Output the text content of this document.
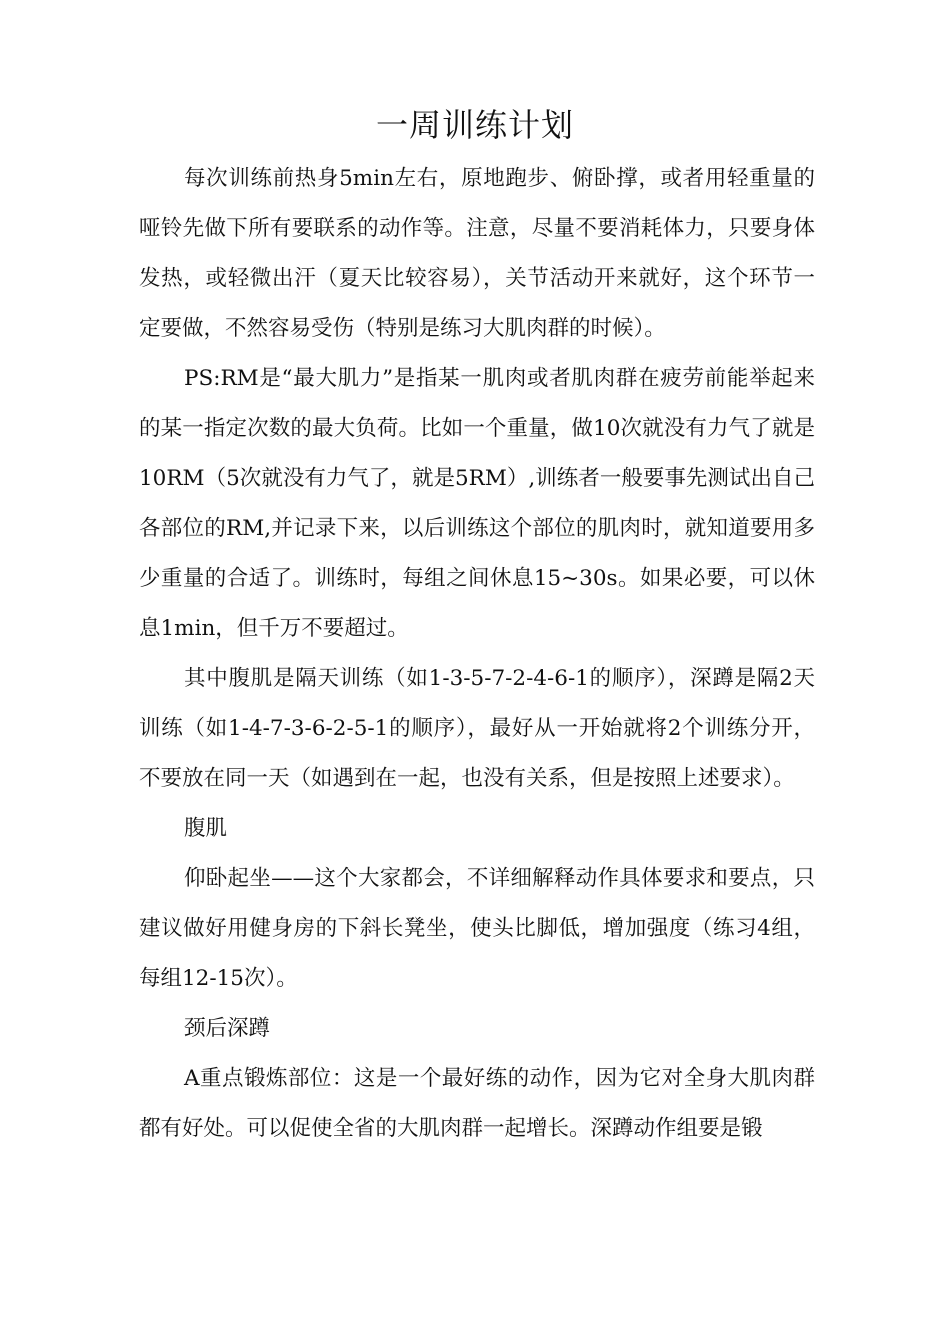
一周训练计划

每次训练前热身5min左右，原地跑步、俯卧撑，或者用轻重量的哑铃先做下所有要联系的动作等。注意，尽量不要消耗体力，只要身体发热，或轻微出汗（夏天比较容易），关节活动开来就好，这个环节一定要做，不然容易受伤（特别是练习大肌肉群的时候）。

PS:RM是“最大肌力”是指某一肌肉或者肌肉群在疲劳前能举起来的某一指定次数的最大负荷。比如一个重量，做10次就没有力气了就是10RM（5次就没有力气了，就是5RM）,训练者一般要事先测试出自己各部位的RM,并记录下来，以后训练这个部位的肌肉时，就知道要用多少重量的合适了。训练时，每组之间休息15~30s。如果必要，可以休息1min，但千万不要超过。

其中腹肌是隔天训练（如1-3-5-7-2-4-6-1的顺序），深蹲是隔2天训练（如1-4-7-3-6-2-5-1的顺序），最好从一开始就将2个训练分开，不要放在同一天（如遇到在一起，也没有关系，但是按照上述要求）。

腹肌

仰卧起坐——这个大家都会，不详细解释动作具体要求和要点，只建议做好用健身房的下斜长凳坐，使头比脚低，增加强度（练习4组，每组12-15次）。

颈后深蹲

A重点锻炼部位：这是一个最好练的动作，因为它对全身大肌肉群都有好处。可以促使全省的大肌肉群一起增长。深蹲动作组要是锻
